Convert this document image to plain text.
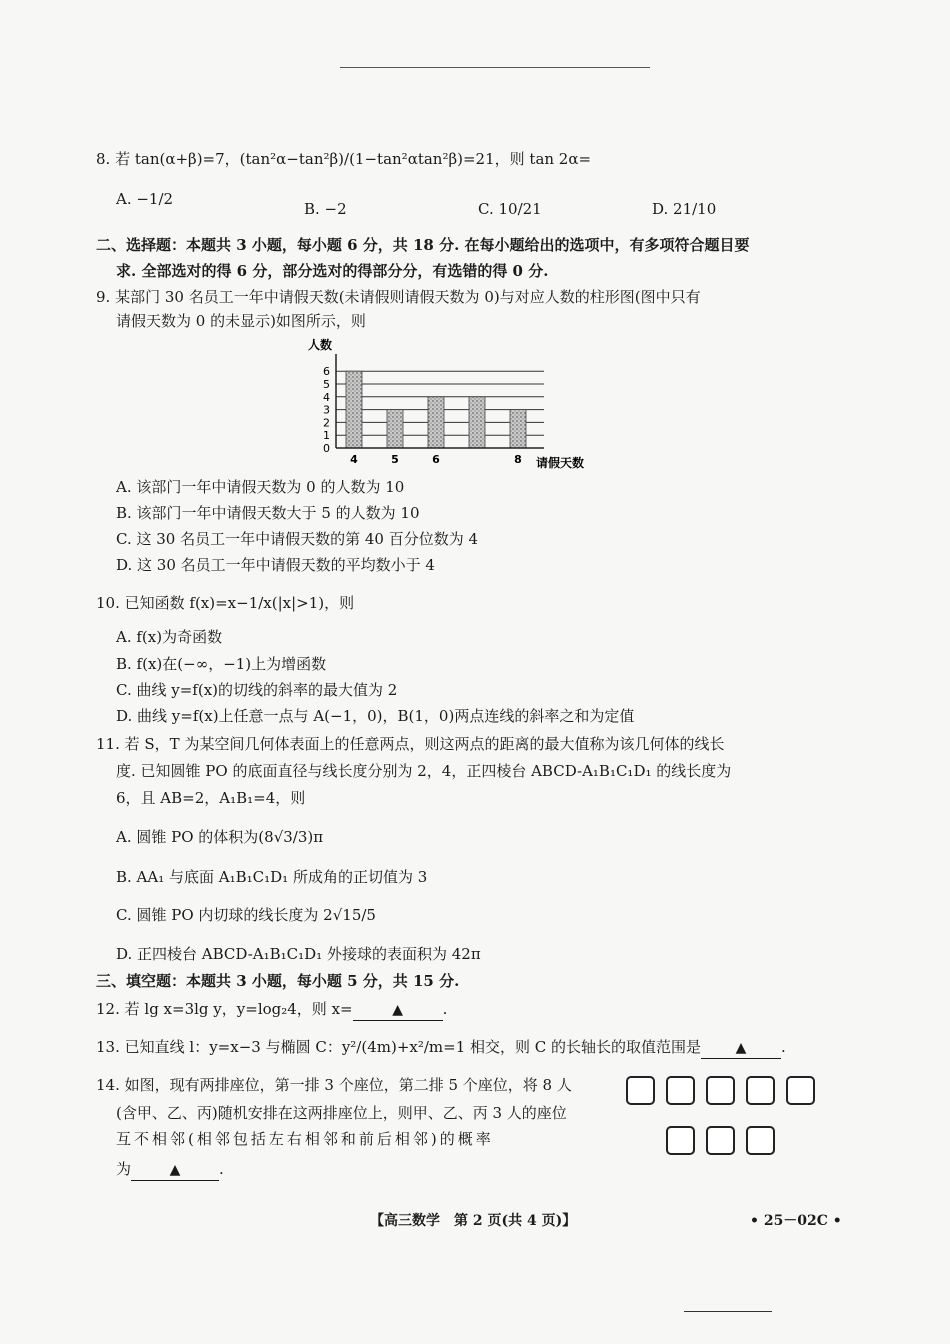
8. 若 tan(α+β)=7，(tan²α−tan²β)/(1−tan²αtan²β)=21，则 tan 2α=
A. −1/2
B. −2	C. 10/21	D. 21/10
二、选择题：本题共 3 小题，每小题 6 分，共 18 分. 在每小题给出的选项中，有多项符合题目要
求. 全部选对的得 6 分，部分选对的得部分分，有选错的得 0 分.
9. 某部门 30 名员工一年中请假天数(未请假则请假天数为 0)与对应人数的柱形图(图中只有
请假天数为 0 的未显示)如图所示，则
人数
0
1
2
3
4
5
6
4	5	6	8 请假天数
A. 该部门一年中请假天数为 0 的人数为 10
B. 该部门一年中请假天数大于 5 的人数为 10
C. 这 30 名员工一年中请假天数的第 40 百分位数为 4
D. 这 30 名员工一年中请假天数的平均数小于 4
10. 已知函数 f(x)=x−1/x(|x|>1)，则
A. f(x)为奇函数
B. f(x)在(−∞，−1)上为增函数
C. 曲线 y=f(x)的切线的斜率的最大值为 2
D. 曲线 y=f(x)上任意一点与 A(−1，0)，B(1，0)两点连线的斜率之和为定值
11. 若 S，T 为某空间几何体表面上的任意两点，则这两点的距离的最大值称为该几何体的线长
度. 已知圆锥 PO 的底面直径与线长度分别为 2，4，正四棱台 ABCD-A₁B₁C₁D₁ 的线长度为
6，且 AB=2，A₁B₁=4，则
A. 圆锥 PO 的体积为(8√3/3)π
B. AA₁ 与底面 A₁B₁C₁D₁ 所成角的正切值为 3
C. 圆锥 PO 内切球的线长度为 2√15/5
D. 正四棱台 ABCD-A₁B₁C₁D₁ 外接球的表面积为 42π
三、填空题：本题共 3 小题，每小题 5 分，共 15 分.
12. 若 lg x=3lg y，y=log₂4，则 x=	▲	.
13. 已知直线 l：y=x−3 与椭圆 C：y²/(4m)+x²/m=1 相交，则 C 的长轴长的取值范围是 ▲ .
14. 如图，现有两排座位，第一排 3 个座位，第二排 5 个座位，将 8 人
(含甲、乙、丙)随机安排在这两排座位上，则甲、乙、丙 3 人的座位
互不相邻(相邻包括左右相邻和前后相邻)的概率
为	▲	.
【高三数学　第 2 页(共 4 页)】	• 25－02C •
